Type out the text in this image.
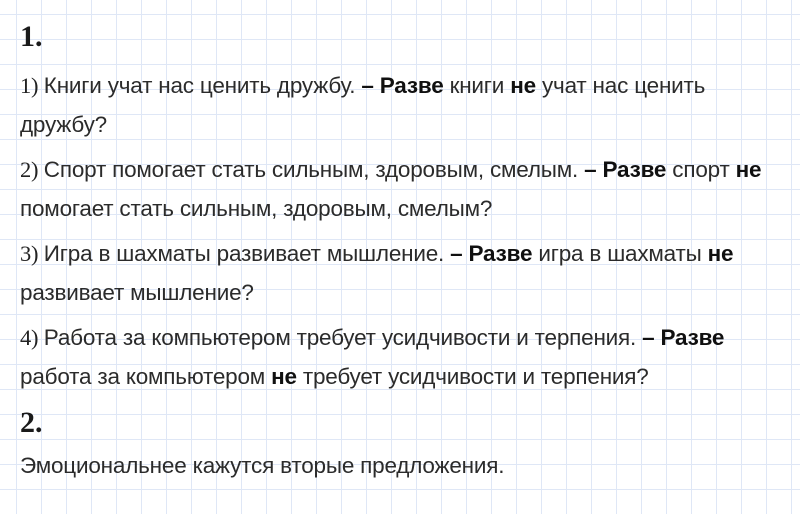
1.
1) Книги учат нас ценить дружбу. – Разве книги не учат нас ценить
дружбу?
2) Спорт помогает стать сильным, здоровым, смелым. – Разве спорт не
помогает стать сильным, здоровым, смелым?
3) Игра в шахматы развивает мышление. – Разве игра в шахматы не
развивает мышление?
4) Работа за компьютером требует усидчивости и терпения. – Разве
работа за компьютером не требует усидчивости и терпения?
2.
Эмоциональнее кажутся вторые предложения.
